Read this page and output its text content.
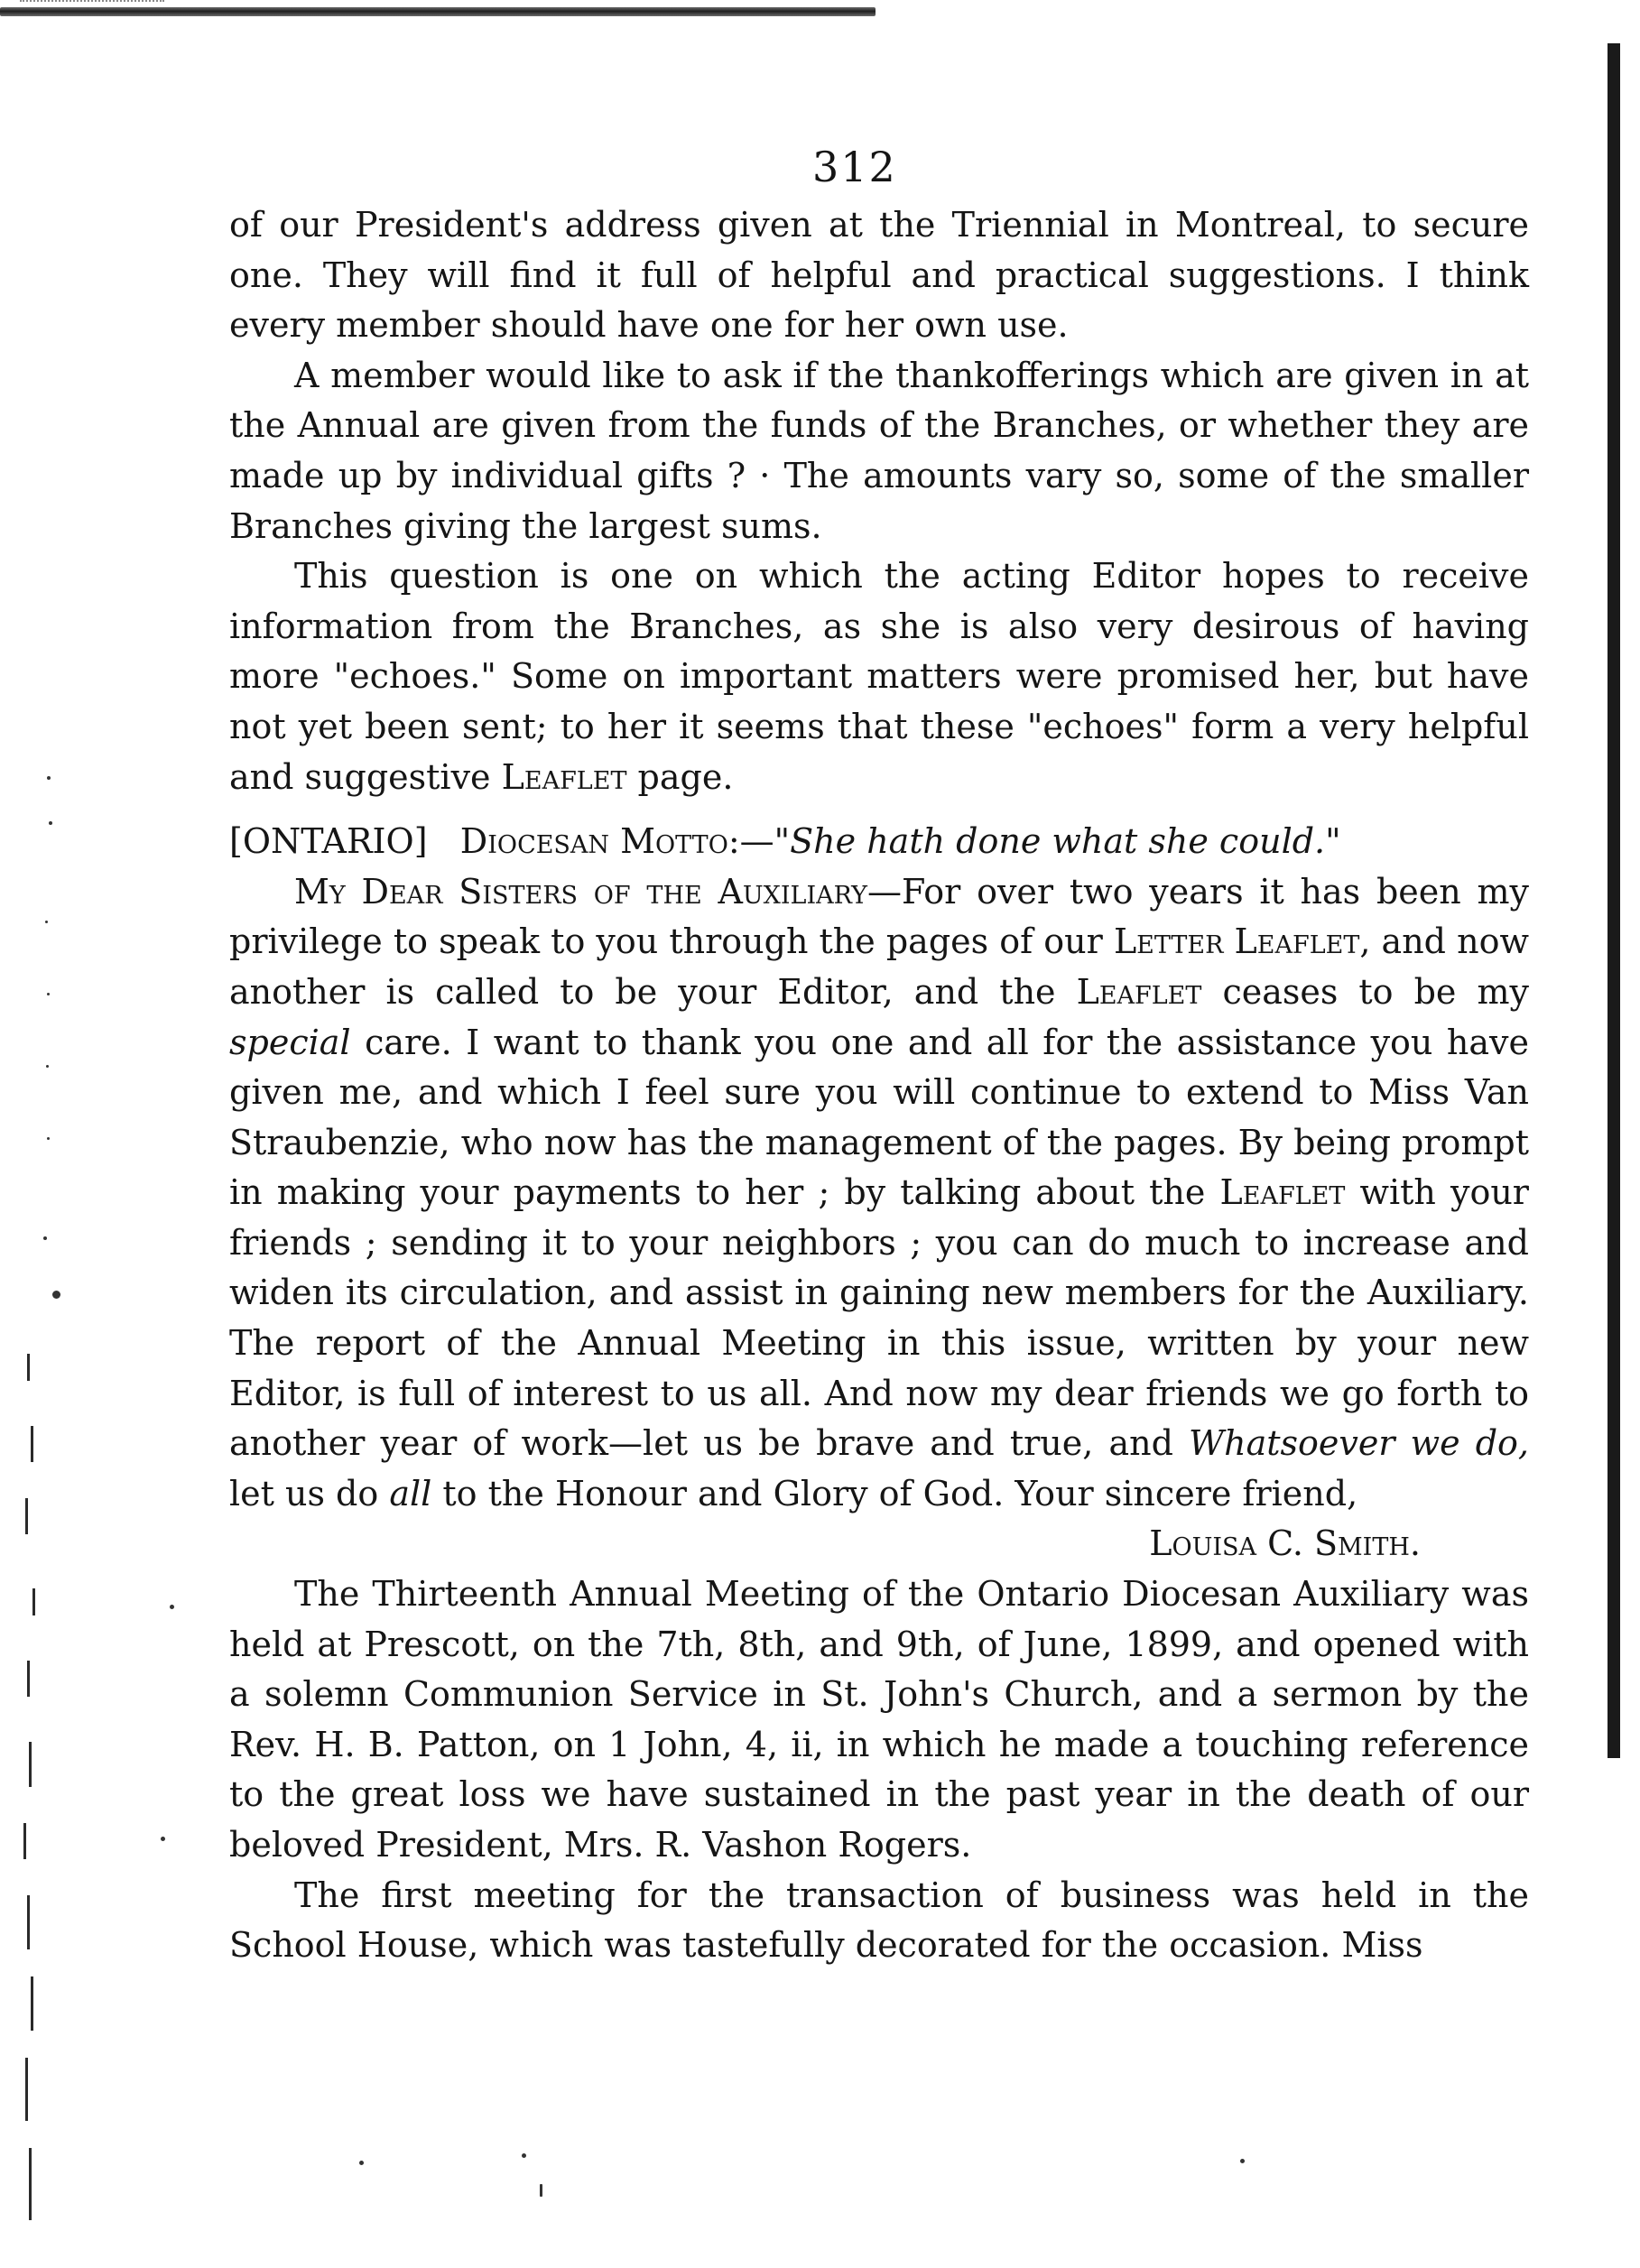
312

of our President's address given at the Triennial in Montreal, to secure one. They will find it full of helpful and practical suggestions. I think every member should have one for her own use.

A member would like to ask if the thankofferings which are given in at the Annual are given from the funds of the Branches, or whether they are made up by individual gifts ? · The amounts vary so, some of the smaller Branches giving the largest sums.

This question is one on which the acting Editor hopes to receive information from the Branches, as she is also very desirous of having more "echoes." Some on important matters were promised her, but have not yet been sent; to her it seems that these "echoes" form a very helpful and suggestive Leaflet page.

[ONTARIO] Diocesan Motto:—"She hath done what she could."

My Dear Sisters of the Auxiliary—For over two years it has been my privilege to speak to you through the pages of our Letter Leaflet, and now another is called to be your Editor, and the Leaflet ceases to be my special care. I want to thank you one and all for the assistance you have given me, and which I feel sure you will continue to extend to Miss Van Straubenzie, who now has the management of the pages. By being prompt in making your payments to her ; by talking about the Leaflet with your friends ; sending it to your neighbors ; you can do much to increase and widen its circulation, and assist in gaining new members for the Auxiliary. The report of the Annual Meeting in this issue, written by your new Editor, is full of interest to us all. And now my dear friends we go forth to another year of work—let us be brave and true, and Whatsoever we do, let us do all to the Honour and Glory of God. Your sincere friend,

Louisa C. Smith.

The Thirteenth Annual Meeting of the Ontario Diocesan Auxiliary was held at Prescott, on the 7th, 8th, and 9th, of June, 1899, and opened with a solemn Communion Service in St. John's Church, and a sermon by the Rev. H. B. Patton, on 1 John, 4, ii, in which he made a touching reference to the great loss we have sustained in the past year in the death of our beloved President, Mrs. R. Vashon Rogers.

The first meeting for the transaction of business was held in the School House, which was tastefully decorated for the occasion. Miss
